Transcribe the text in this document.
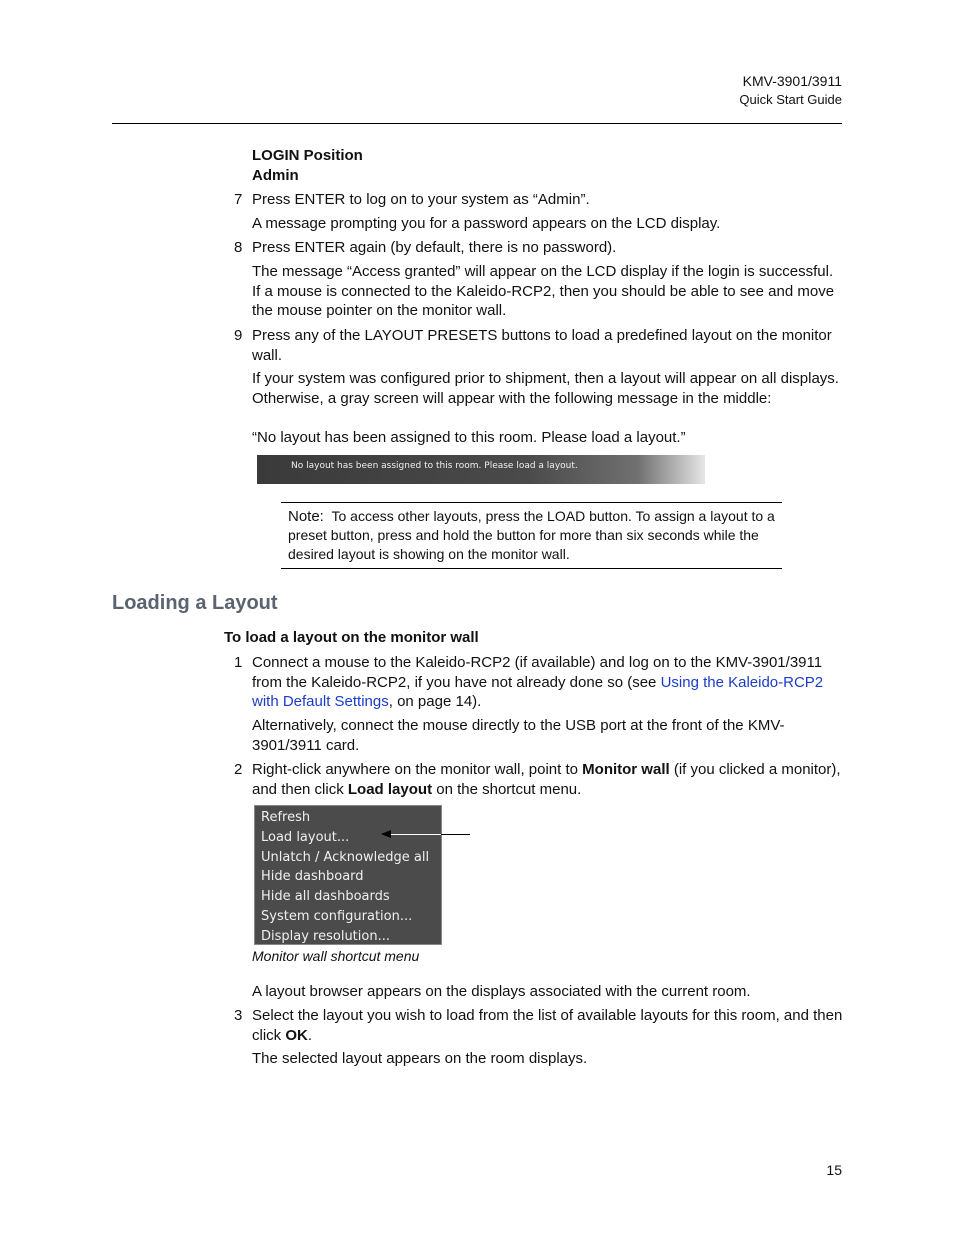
KMV-3901/3911
Quick Start Guide
LOGIN Position
Admin
7 Press ENTER to log on to your system as “Admin”.
A message prompting you for a password appears on the LCD display.
8 Press ENTER again (by default, there is no password).
The message “Access granted” will appear on the LCD display if the login is successful. If a mouse is connected to the Kaleido-RCP2, then you should be able to see and move the mouse pointer on the monitor wall.
9 Press any of the LAYOUT PRESETS buttons to load a predefined layout on the monitor wall.
If your system was configured prior to shipment, then a layout will appear on all displays. Otherwise, a gray screen will appear with the following message in the middle:
“No layout has been assigned to this room. Please load a layout.”
No layout has been assigned to this room. Please load a layout.
Note: To access other layouts, press the LOAD button. To assign a layout to a preset button, press and hold the button for more than six seconds while the desired layout is showing on the monitor wall.
Loading a Layout
To load a layout on the monitor wall
1 Connect a mouse to the Kaleido-RCP2 (if available) and log on to the KMV-3901/3911 from the Kaleido-RCP2, if you have not already done so (see Using the Kaleido-RCP2 with Default Settings, on page 14).
Alternatively, connect the mouse directly to the USB port at the front of the KMV-3901/3911 card.
2 Right-click anywhere on the monitor wall, point to Monitor wall (if you clicked a monitor), and then click Load layout on the shortcut menu.
Refresh
Load layout...
Unlatch / Acknowledge all
Hide dashboard
Hide all dashboards
System configuration...
Display resolution...
Monitor wall shortcut menu
A layout browser appears on the displays associated with the current room.
3 Select the layout you wish to load from the list of available layouts for this room, and then click OK.
The selected layout appears on the room displays.
15
